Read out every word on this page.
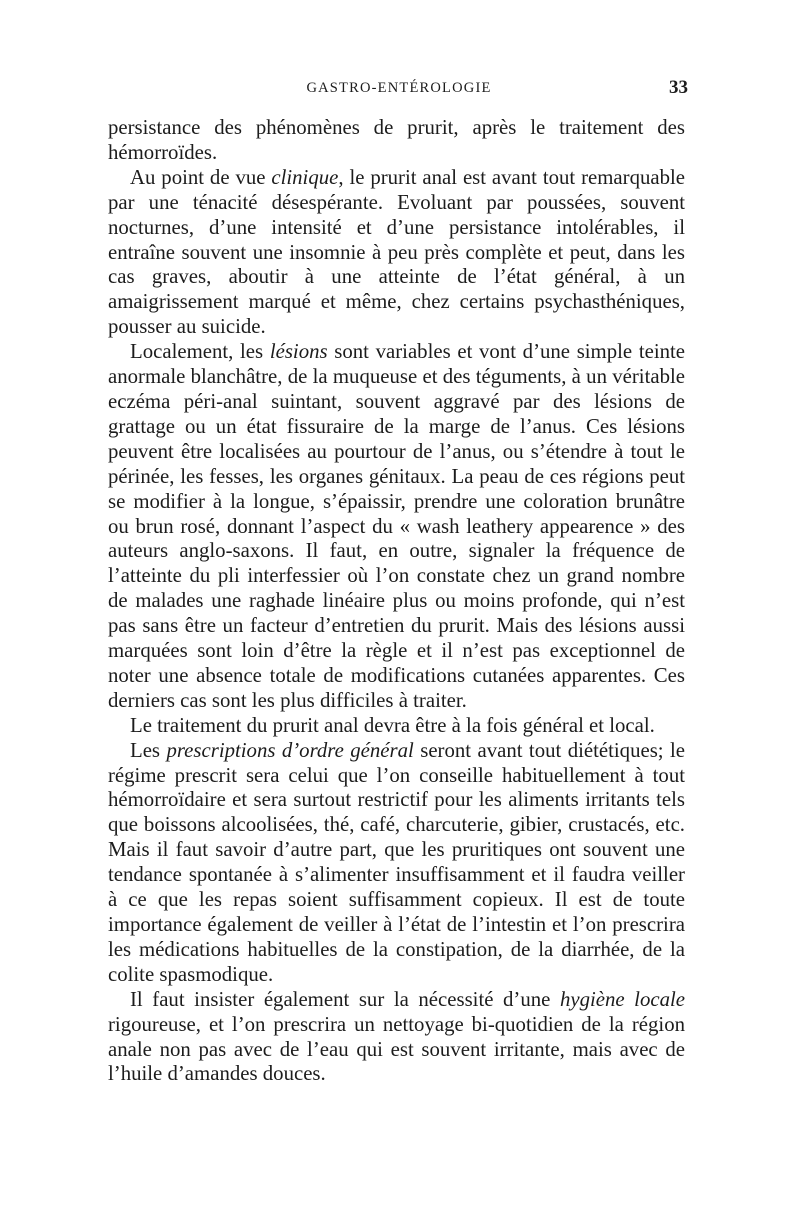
GASTRO-ENTÉROLOGIE	33

persistance des phénomènes de prurit, après le traitement des hémorroïdes.

Au point de vue clinique, le prurit anal est avant tout remarquable par une ténacité désespérante. Evoluant par poussées, souvent nocturnes, d’une intensité et d’une persistance intolérables, il entraîne souvent une insomnie à peu près complète et peut, dans les cas graves, aboutir à une atteinte de l’état général, à un amaigrissement marqué et même, chez certains psychasthéniques, pousser au suicide.

Localement, les lésions sont variables et vont d’une simple teinte anormale blanchâtre, de la muqueuse et des téguments, à un véritable eczéma péri-anal suintant, souvent aggravé par des lésions de grattage ou un état fissuraire de la marge de l’anus. Ces lésions peuvent être localisées au pourtour de l’anus, ou s’étendre à tout le périnée, les fesses, les organes génitaux. La peau de ces régions peut se modifier à la longue, s’épaissir, prendre une coloration brunâtre ou brun rosé, donnant l’aspect du « wash leathery appearence » des auteurs anglo-saxons. Il faut, en outre, signaler la fréquence de l’atteinte du pli interfessier où l’on constate chez un grand nombre de malades une raghade linéaire plus ou moins profonde, qui n’est pas sans être un facteur d’entretien du prurit. Mais des lésions aussi marquées sont loin d’être la règle et il n’est pas exceptionnel de noter une absence totale de modifications cutanées apparentes. Ces derniers cas sont les plus difficiles à traiter.

Le traitement du prurit anal devra être à la fois général et local.

Les prescriptions d’ordre général seront avant tout diététiques; le régime prescrit sera celui que l’on conseille habituellement à tout hémorroïdaire et sera surtout restrictif pour les aliments irritants tels que boissons alcoolisées, thé, café, charcuterie, gibier, crustacés, etc. Mais il faut savoir d’autre part, que les pruritiques ont souvent une tendance spontanée à s’alimenter insuffisamment et il faudra veiller à ce que les repas soient suffisamment copieux. Il est de toute importance également de veiller à l’état de l’intestin et l’on prescrira les médications habituelles de la constipation, de la diarrhée, de la colite spasmodique.

Il faut insister également sur la nécessité d’une hygiène locale rigoureuse, et l’on prescrira un nettoyage bi-quotidien de la région anale non pas avec de l’eau qui est souvent irritante, mais avec de l’huile d’amandes douces.
